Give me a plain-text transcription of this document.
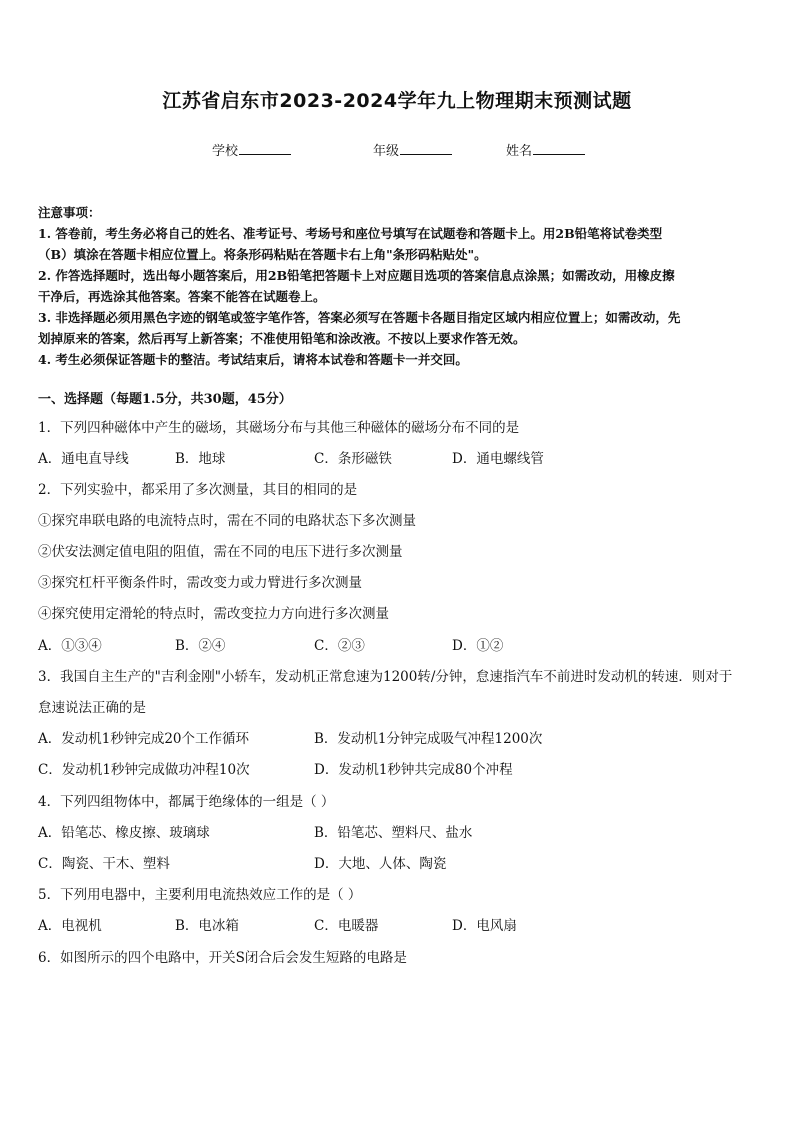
江苏省启东市2023-2024学年九上物理期末预测试题
学校	年级	姓名
注意事项：
1. 答卷前，考生务必将自己的姓名、准考证号、考场号和座位号填写在试题卷和答题卡上。用2B铅笔将试卷类型
（B）填涂在答题卡相应位置上。将条形码粘贴在答题卡右上角"条形码粘贴处"。
2. 作答选择题时，选出每小题答案后，用2B铅笔把答题卡上对应题目选项的答案信息点涂黑；如需改动，用橡皮擦
干净后，再选涂其他答案。答案不能答在试题卷上。
3. 非选择题必须用黑色字迹的钢笔或签字笔作答，答案必须写在答题卡各题目指定区域内相应位置上；如需改动，先
划掉原来的答案，然后再写上新答案；不准使用铅笔和涂改液。不按以上要求作答无效。
4. 考生必须保证答题卡的整洁。考试结束后，请将本试卷和答题卡一并交回。
一、选择题（每题1.5分，共30题，45分）
1．下列四种磁体中产生的磁场，其磁场分布与其他三种磁体的磁场分布不同的是
A．通电直导线	B．地球	C．条形磁铁	D．通电螺线管
2．下列实验中，都采用了多次测量，其目的相同的是
①探究串联电路的电流特点时，需在不同的电路状态下多次测量
②伏安法测定值电阻的阻值，需在不同的电压下进行多次测量
③探究杠杆平衡条件时，需改变力或力臂进行多次测量
④探究使用定滑轮的特点时，需改变拉力方向进行多次测量
A．①③④	B．②④	C．②③	D．①②
3．我国自主生产的"吉利金刚"小轿车，发动机正常怠速为1200转/分钟，怠速指汽车不前进时发动机的转速．则对于
怠速说法正确的是
A．发动机1秒钟完成20个工作循环	B．发动机1分钟完成吸气冲程1200次
C．发动机1秒钟完成做功冲程10次	D．发动机1秒钟共完成80个冲程
4．下列四组物体中，都属于绝缘体的一组是（ ）
A．铅笔芯、橡皮擦、玻璃球	B．铅笔芯、塑料尺、盐水
C．陶瓷、干木、塑料	D．大地、人体、陶瓷
5．下列用电器中，主要利用电流热效应工作的是（ ）
A．电视机	B．电冰箱	C．电暖器	D．电风扇
6．如图所示的四个电路中，开关S闭合后会发生短路的电路是
